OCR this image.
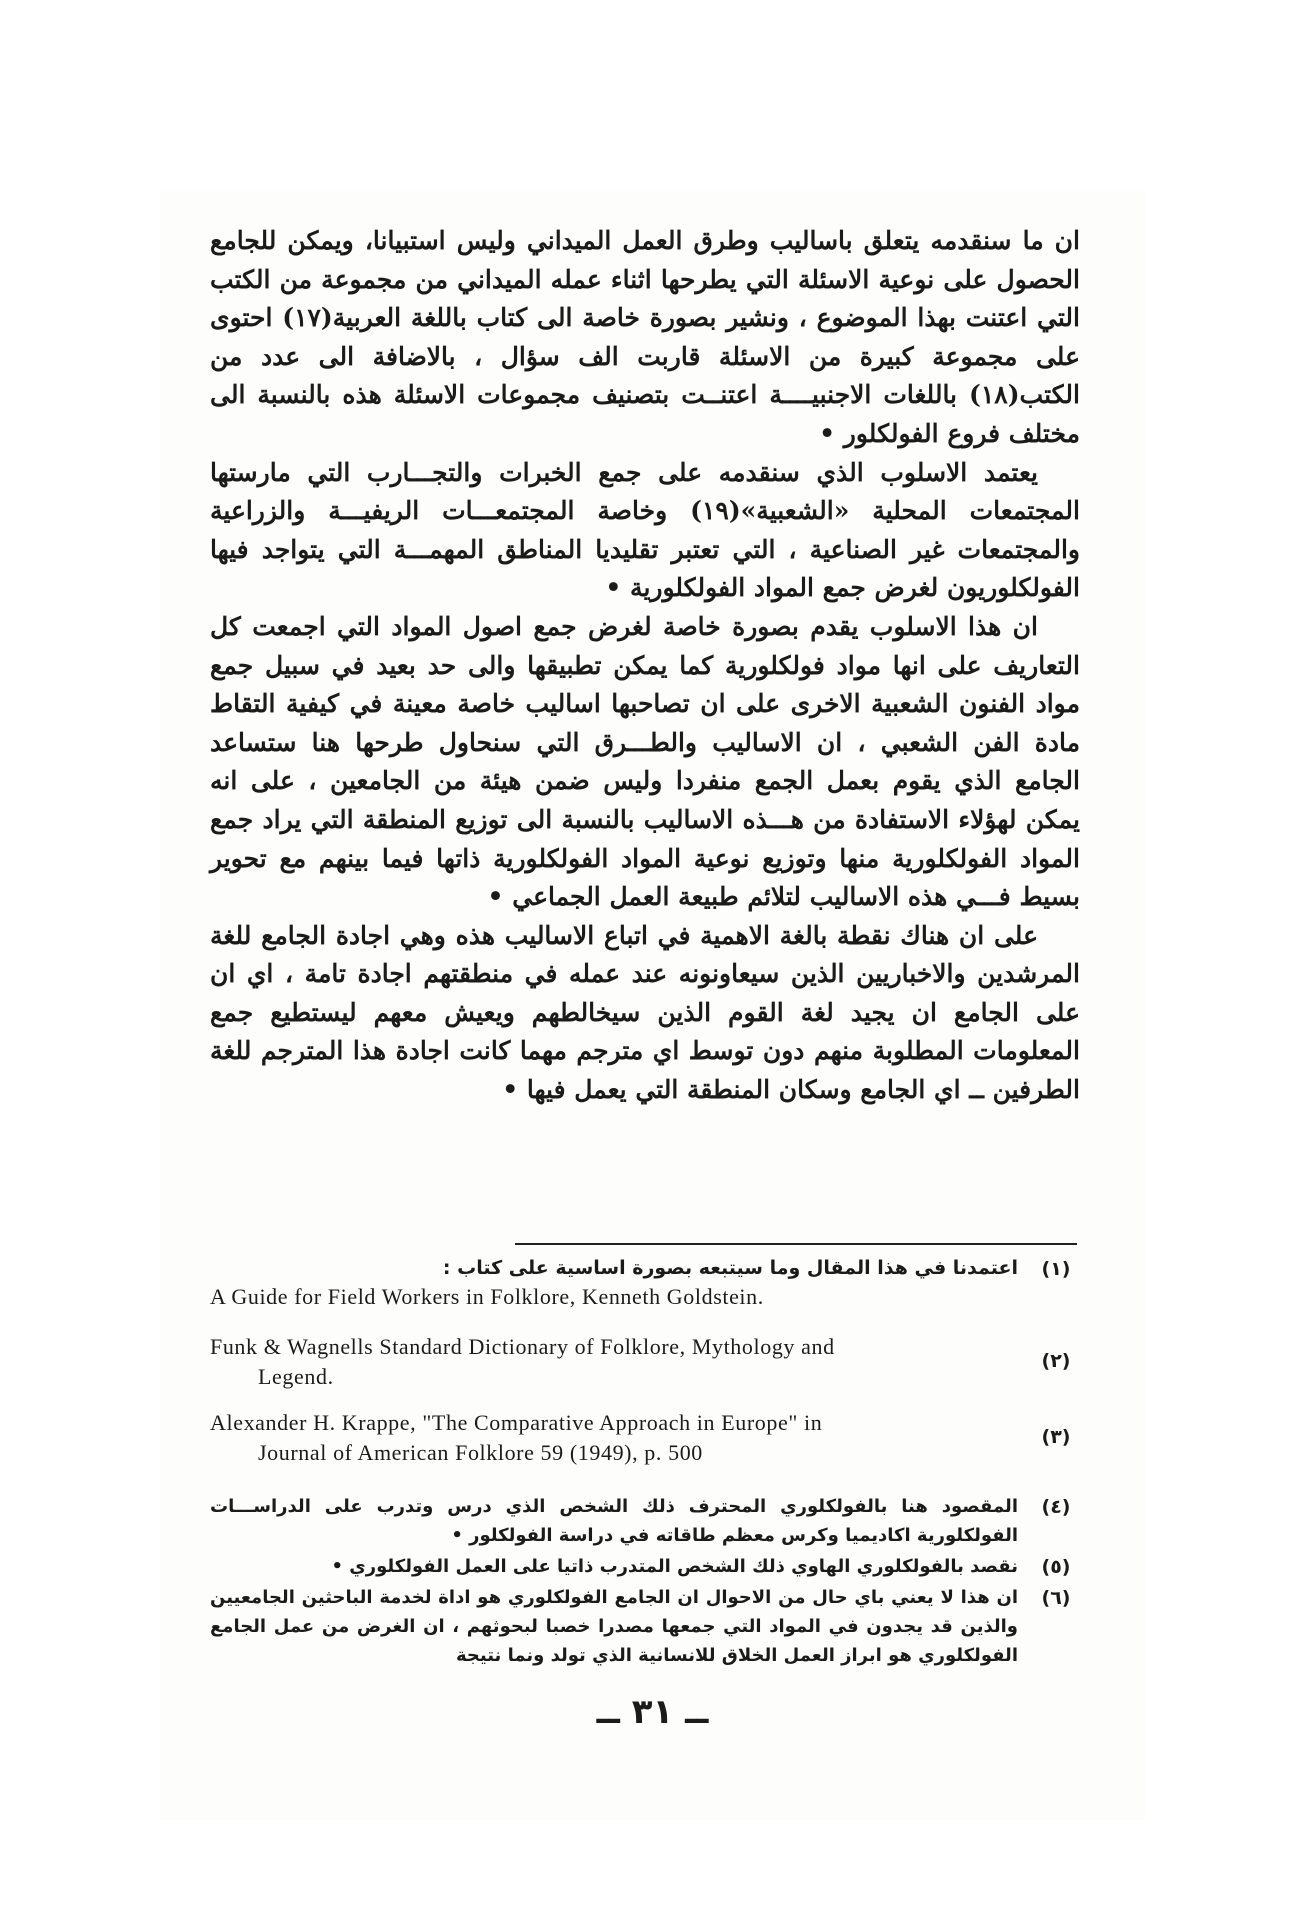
ان ما سنقدمه يتعلق باساليب وطرق العمل الميداني وليس استبيانا، ويمكن للجامع الحصول على نوعية الاسئلة التي يطرحها اثناء عمله الميداني من مجموعة من الكتب التي اعتنت بهذا الموضوع ، ونشير بصورة خاصة الى كتاب باللغة العربية(١٧) احتوى على مجموعة كبيرة من الاسئلة قاربت الف سؤال ، بالاضافة الى عدد من الكتب(١٨) باللغات الاجنبيــــة اعتنــت بتصنيف مجموعات الاسئلة هذه بالنسبة الى مختلف فروع الفولكلور •

يعتمد الاسلوب الذي سنقدمه على جمع الخبرات والتجـــارب التي مارستها المجتمعات المحلية «الشعبية»(١٩) وخاصة المجتمعـــات الريفيـــة والزراعية والمجتمعات غير الصناعية ، التي تعتبر تقليديا المناطق المهمـــة التي يتواجد فيها الفولكلوريون لغرض جمع المواد الفولكلورية •

ان هذا الاسلوب يقدم بصورة خاصة لغرض جمع اصول المواد التي اجمعت كل التعاريف على انها مواد فولكلورية كما يمكن تطبيقها والى حد بعيد في سبيل جمع مواد الفنون الشعبية الاخرى على ان تصاحبها اساليب خاصة معينة في كيفية التقاط مادة الفن الشعبي ، ان الاساليب والطـــرق التي سنحاول طرحها هنا ستساعد الجامع الذي يقوم بعمل الجمع منفردا وليس ضمن هيئة من الجامعين ، على انه يمكن لهؤلاء الاستفادة من هـــذه الاساليب بالنسبة الى توزيع المنطقة التي يراد جمع المواد الفولكلورية منها وتوزيع نوعية المواد الفولكلورية ذاتها فيما بينهم مع تحوير بسيط فـــي هذه الاساليب لتلائم طبيعة العمل الجماعي •

على ان هناك نقطة بالغة الاهمية في اتباع الاساليب هذه وهي اجادة الجامع للغة المرشدين والاخباريين الذين سيعاونونه عند عمله في منطقتهم اجادة تامة ، اي ان على الجامع ان يجيد لغة القوم الذين سيخالطهم ويعيش معهم ليستطيع جمع المعلومات المطلوبة منهم دون توسط اي مترجم مهما كانت اجادة هذا المترجم للغة الطرفين ــ اي الجامع وسكان المنطقة التي يعمل فيها •

(١)
اعتمدنا في هذا المقال وما سيتبعه بصورة اساسية على كتاب :
A Guide for Field Workers in Folklore, Kenneth Goldstein.
(٢)
Funk & Wagnells Standard Dictionary of Folklore, Mythology and
Legend.
(٣)
Alexander H. Krappe, "The Comparative Approach in Europe" in
Journal of American Folklore 59 (1949), p. 500
(٤)
المقصود هنا بالفولكلوري المحترف ذلك الشخص الذي درس وتدرب على الدراســـات الفولكلورية اكاديميا وكرس معظم طاقاته في دراسة الفولكلور •
(٥)
نقصد بالفولكلوري الهاوي ذلك الشخص المتدرب ذاتيا على العمل الفولكلوري •
(٦)
ان هذا لا يعني باي حال من الاحوال ان الجامع الفولكلوري هو اداة لخدمة الباحثين الجامعيين والذين قد يجدون في المواد التي جمعها مصدرا خصبا لبحوثهم ، ان الغرض من عمل الجامع الفولكلوري هو ابراز العمل الخلاق للانسانية الذي تولد ونما نتيجة
ــ ٣١ ــ
